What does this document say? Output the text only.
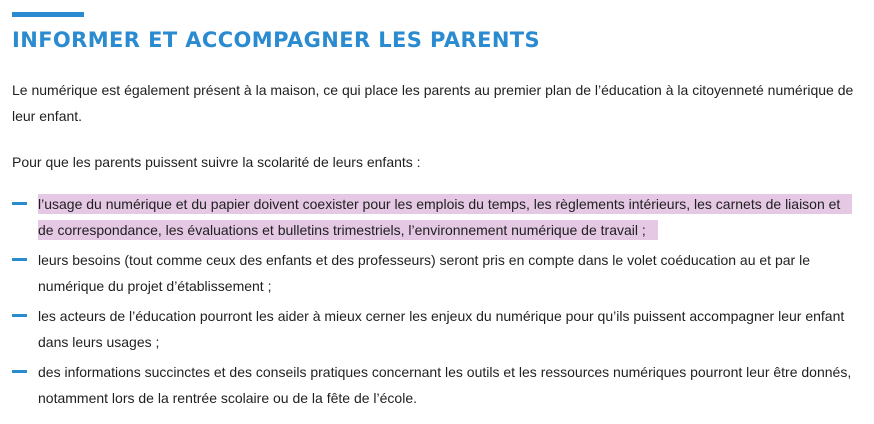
INFORMER ET ACCOMPAGNER LES PARENTS

Le numérique est également présent à la maison, ce qui place les parents au premier plan de l’éducation à la citoyenneté numérique de leur enfant.

Pour que les parents puissent suivre la scolarité de leurs enfants :

l’usage du numérique et du papier doivent coexister pour les emplois du temps, les règlements intérieurs, les carnets de liaison et de correspondance, les évaluations et bulletins trimestriels, l’environnement numérique de travail ;
leurs besoins (tout comme ceux des enfants et des professeurs) seront pris en compte dans le volet coéducation au et par le numérique du projet d’établissement ;
les acteurs de l’éducation pourront les aider à mieux cerner les enjeux du numérique pour qu’ils puissent accompagner leur enfant dans leurs usages ;
des informations succinctes et des conseils pratiques concernant les outils et les ressources numériques pourront leur être donnés, notamment lors de la rentrée scolaire ou de la fête de l’école.
